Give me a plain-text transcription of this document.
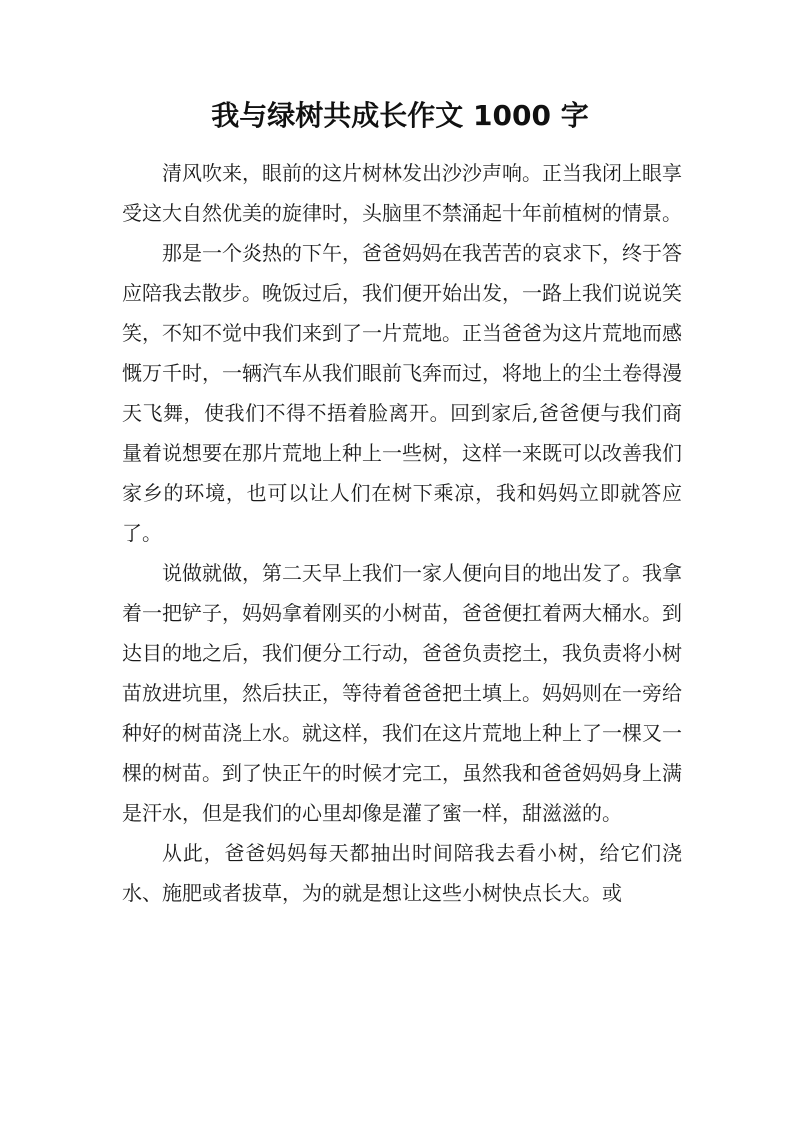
我与绿树共成长作文 1000 字

清风吹来，眼前的这片树林发出沙沙声响。正当我闭上眼享受这大自然优美的旋律时，头脑里不禁涌起十年前植树的情景。

那是一个炎热的下午，爸爸妈妈在我苦苦的哀求下，终于答应陪我去散步。晚饭过后，我们便开始出发，一路上我们说说笑笑，不知不觉中我们来到了一片荒地。正当爸爸为这片荒地而感慨万千时，一辆汽车从我们眼前飞奔而过，将地上的尘土卷得漫天飞舞，使我们不得不捂着脸离开。回到家后,爸爸便与我们商量着说想要在那片荒地上种上一些树，这样一来既可以改善我们家乡的环境，也可以让人们在树下乘凉，我和妈妈立即就答应了。

说做就做，第二天早上我们一家人便向目的地出发了。我拿着一把铲子，妈妈拿着刚买的小树苗，爸爸便扛着两大桶水。到达目的地之后，我们便分工行动，爸爸负责挖土，我负责将小树苗放进坑里，然后扶正，等待着爸爸把土填上。妈妈则在一旁给种好的树苗浇上水。就这样，我们在这片荒地上种上了一棵又一棵的树苗。到了快正午的时候才完工，虽然我和爸爸妈妈身上满是汗水，但是我们的心里却像是灌了蜜一样，甜滋滋的。

从此，爸爸妈妈每天都抽出时间陪我去看小树，给它们浇水、施肥或者拔草，为的就是想让这些小树快点长大。或
